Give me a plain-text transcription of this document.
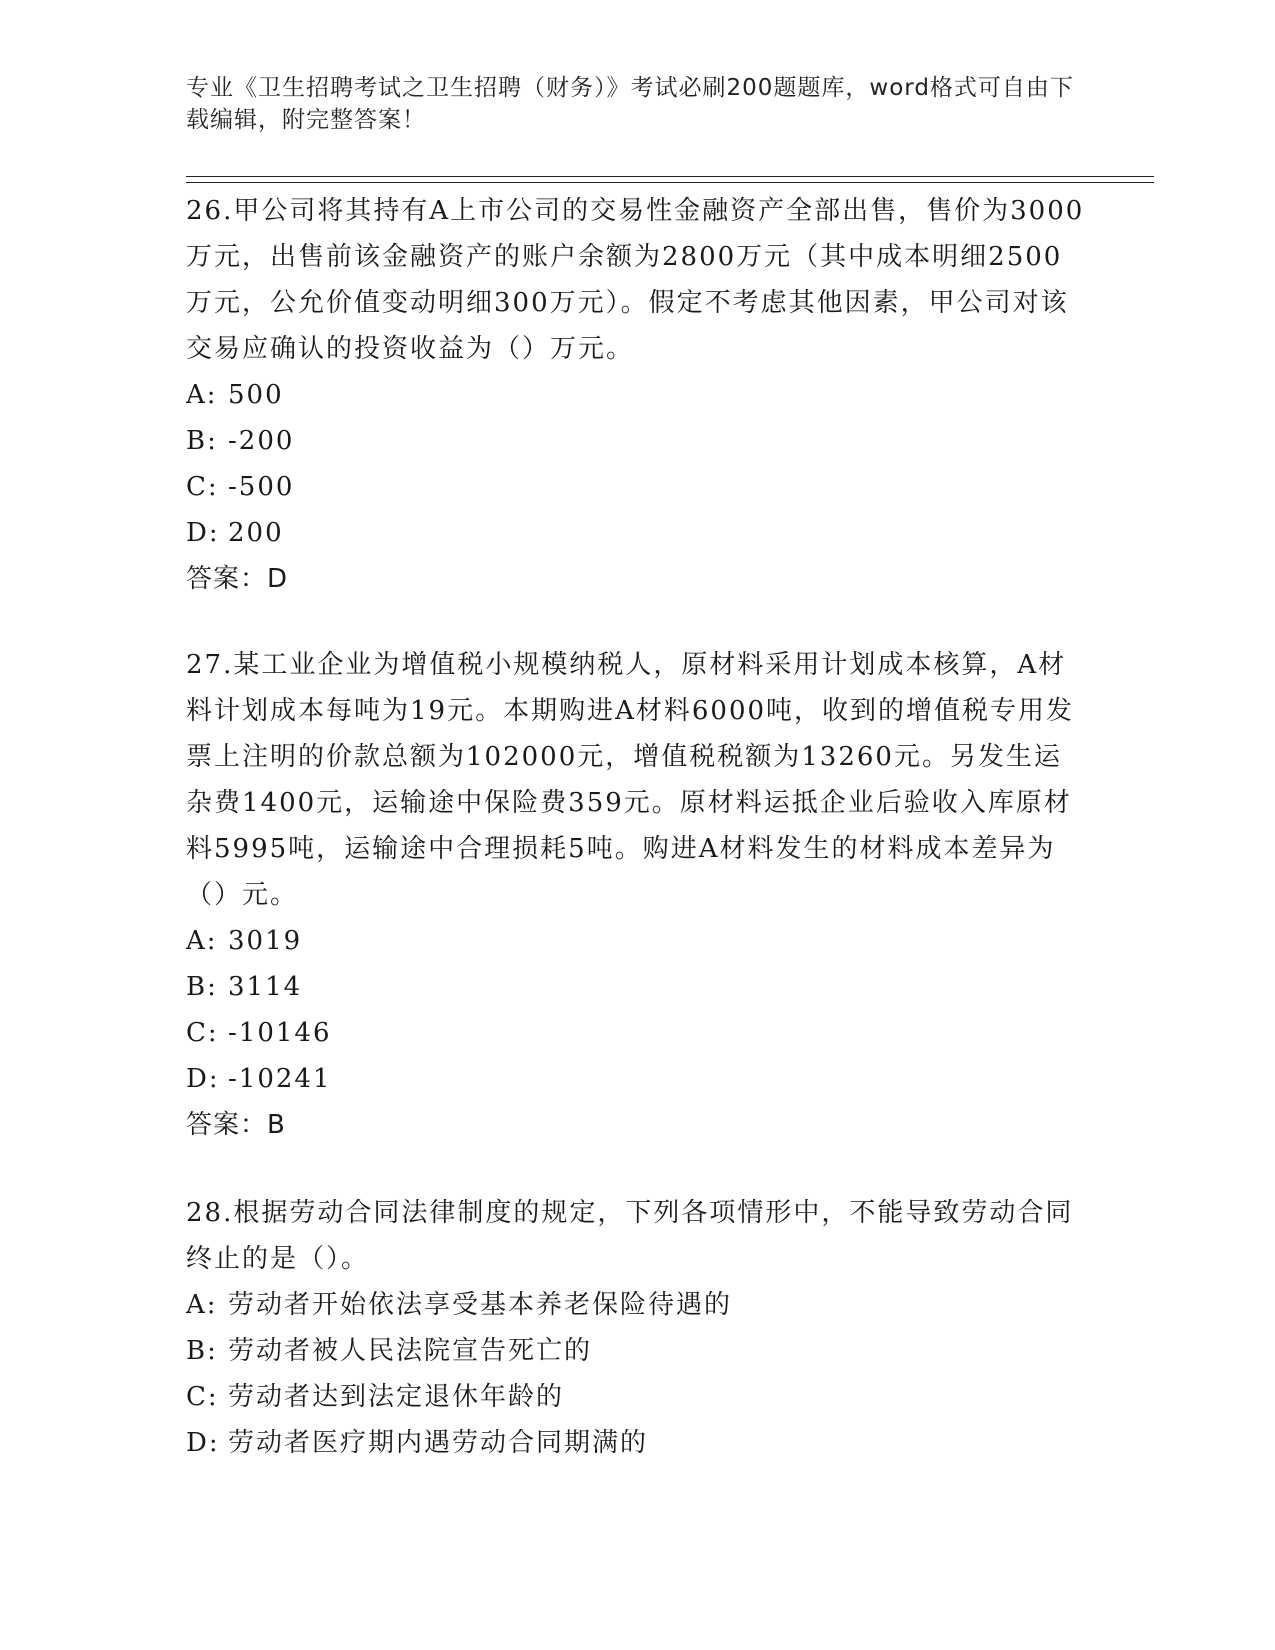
专业《卫生招聘考试之卫生招聘（财务）》考试必刷200题题库，word格式可自由下载编辑，附完整答案！

26.甲公司将其持有A上市公司的交易性金融资产全部出售，售价为3000万元，出售前该金融资产的账户余额为2800万元（其中成本明细2500万元，公允价值变动明细300万元）。假定不考虑其他因素，甲公司对该交易应确认的投资收益为（）万元。

A: 500
B: -200
C: -500
D: 200
答案：D

27.某工业企业为增值税小规模纳税人，原材料采用计划成本核算，A材料计划成本每吨为19元。本期购进A材料6000吨，收到的增值税专用发票上注明的价款总额为102000元，增值税税额为13260元。另发生运杂费1400元，运输途中保险费359元。原材料运抵企业后验收入库原材料5995吨，运输途中合理损耗5吨。购进A材料发生的材料成本差异为（）元。

A: 3019
B: 3114
C: -10146
D: -10241
答案：B

28.根据劳动合同法律制度的规定，下列各项情形中，不能导致劳动合同终止的是（）。

A: 劳动者开始依法享受基本养老保险待遇的
B: 劳动者被人民法院宣告死亡的
C: 劳动者达到法定退休年龄的
D: 劳动者医疗期内遇劳动合同期满的
